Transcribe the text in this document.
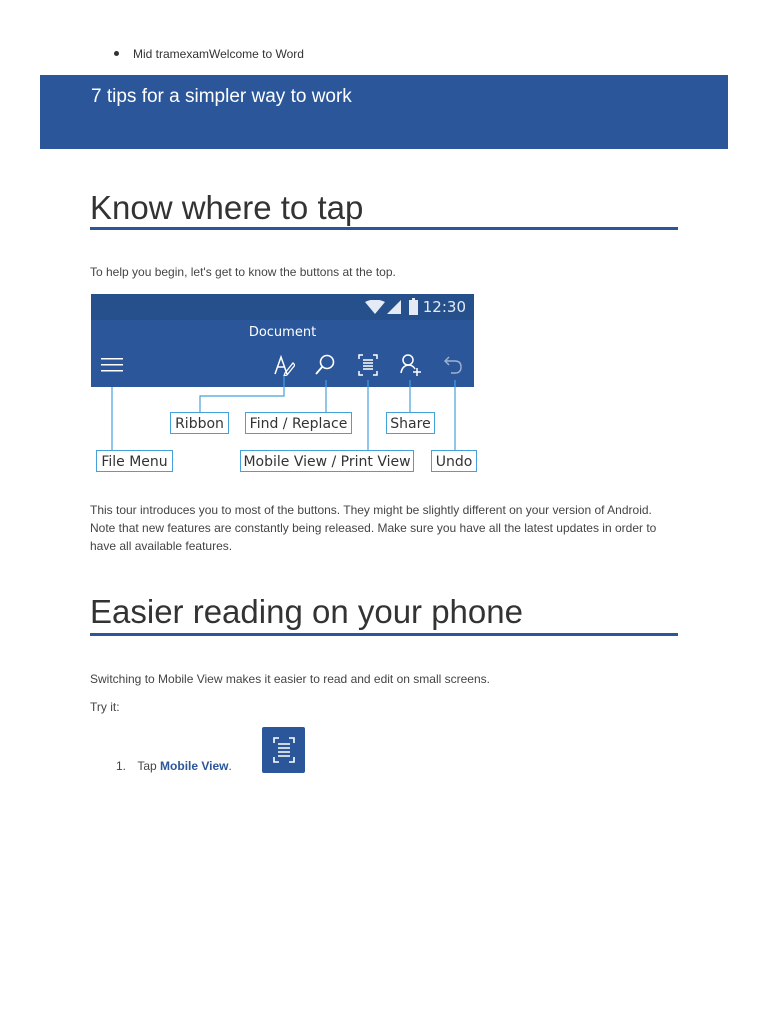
Mid tramexamWelcome to Word
7 tips for a simpler way to work
Know where to tap
To help you begin, let's get to know the buttons at the top.
12:30
Document
Ribbon	Find / Replace	Share
File Menu	Mobile View / Print View	Undo
This tour introduces you to most of the buttons. They might be slightly different on your version of Android. Note that new features are constantly being released. Make sure you have all the latest updates in order to have all available features.
Easier reading on your phone
Switching to Mobile View makes it easier to read and edit on small screens.
Try it:
1. Tap Mobile View.
